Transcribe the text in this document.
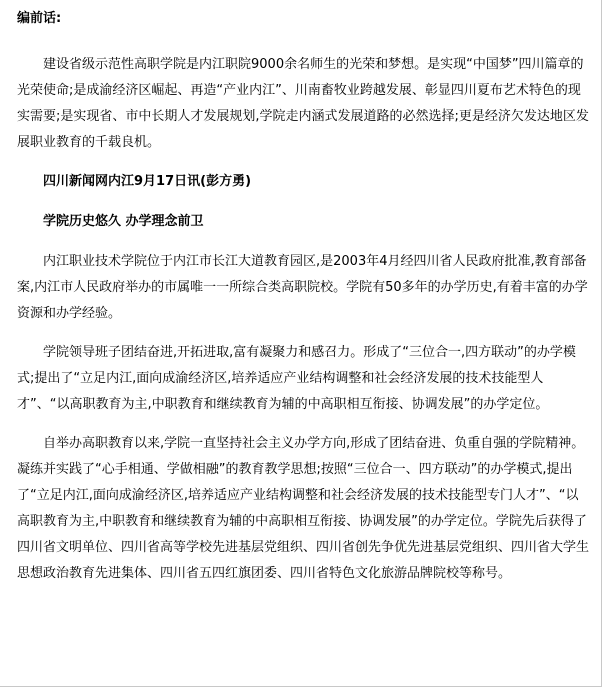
编前话:

建设省级示范性高职学院是内江职院9000余名师生的光荣和梦想。是实现“中国梦”四川篇章的光荣使命;是成渝经济区崛起、再造“产业内江”、川南畜牧业跨越发展、彰显四川夏布艺术特色的现实需要;是实现省、市中长期人才发展规划,学院走内涵式发展道路的必然选择;更是经济欠发达地区发展职业教育的千载良机。

四川新闻网内江9月17日讯(彭方勇)

学院历史悠久 办学理念前卫

内江职业技术学院位于内江市长江大道教育园区,是2003年4月经四川省人民政府批准,教育部备案,内江市人民政府举办的市属唯一一所综合类高职院校。学院有50多年的办学历史,有着丰富的办学资源和办学经验。

学院领导班子团结奋进,开拓进取,富有凝聚力和感召力。形成了“三位合一,四方联动”的办学模式;提出了“立足内江,面向成渝经济区,培养适应产业结构调整和社会经济发展的技术技能型人才”、“以高职教育为主,中职教育和继续教育为辅的中高职相互衔接、协调发展”的办学定位。

自举办高职教育以来,学院一直坚持社会主义办学方向,形成了团结奋进、负重自强的学院精神。凝练并实践了“心手相通、学做相融”的教育教学思想;按照“三位合一、四方联动”的办学模式,提出了“立足内江,面向成渝经济区,培养适应产业结构调整和社会经济发展的技术技能型专门人才”、“以高职教育为主,中职教育和继续教育为辅的中高职相互衔接、协调发展”的办学定位。学院先后获得了四川省文明单位、四川省高等学校先进基层党组织、四川省创先争优先进基层党组织、四川省大学生思想政治教育先进集体、四川省五四红旗团委、四川省特色文化旅游品牌院校等称号。
